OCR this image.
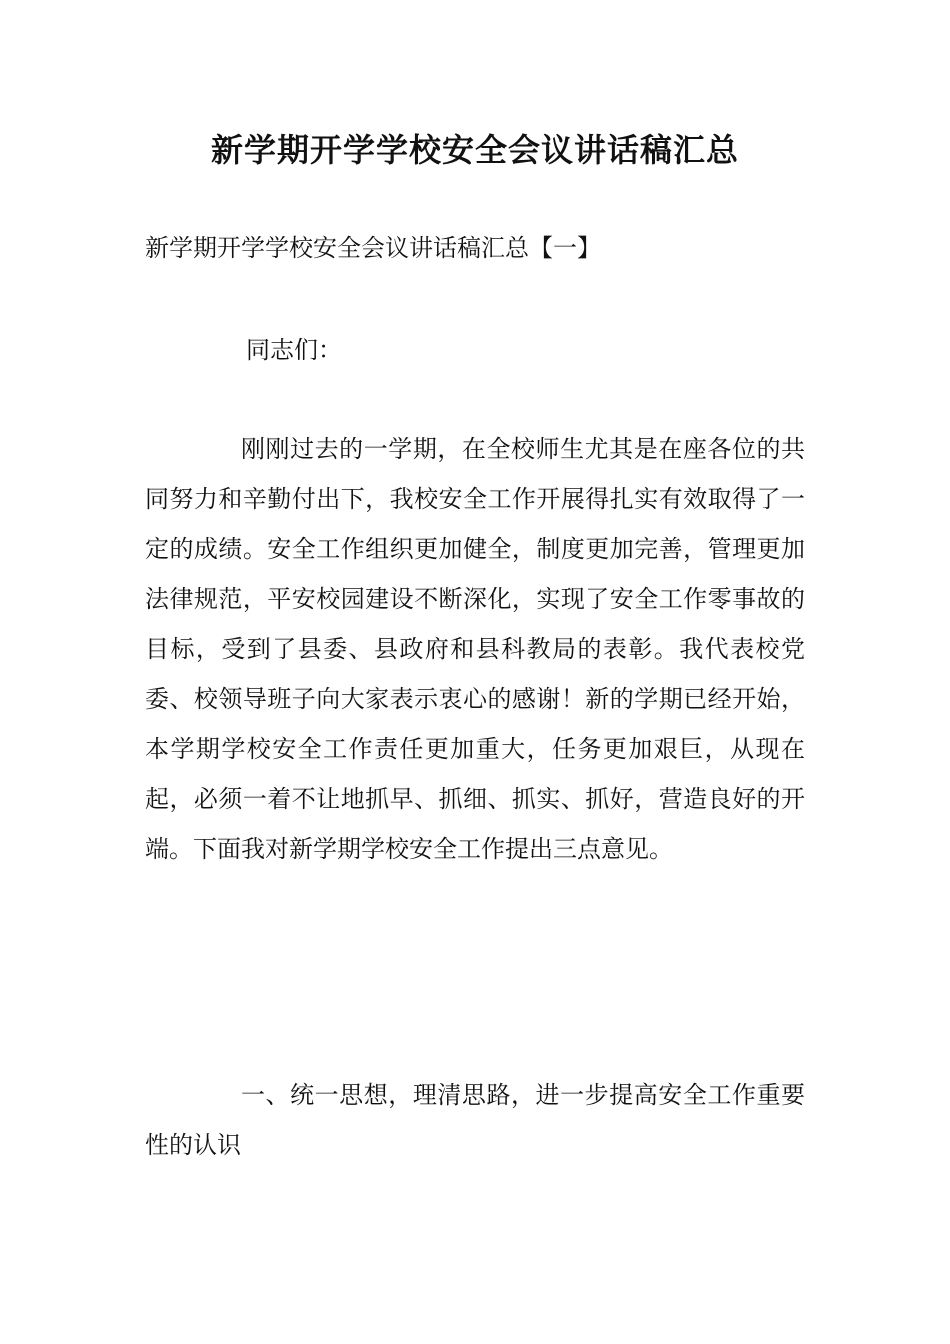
新学期开学学校安全会议讲话稿汇总

新学期开学学校安全会议讲话稿汇总【一】

同志们：

刚刚过去的一学期，在全校师生尤其是在座各位的共同努力和辛勤付出下，我校安全工作开展得扎实有效取得了一定的成绩。安全工作组织更加健全，制度更加完善，管理更加法律规范，平安校园建设不断深化，实现了安全工作零事故的目标，受到了县委、县政府和县科教局的表彰。我代表校党委、校领导班子向大家表示衷心的感谢！新的学期已经开始，本学期学校安全工作责任更加重大，任务更加艰巨，从现在起，必须一着不让地抓早、抓细、抓实、抓好，营造良好的开端。下面我对新学期学校安全工作提出三点意见。

一、统一思想，理清思路，进一步提高安全工作重要性的认识
